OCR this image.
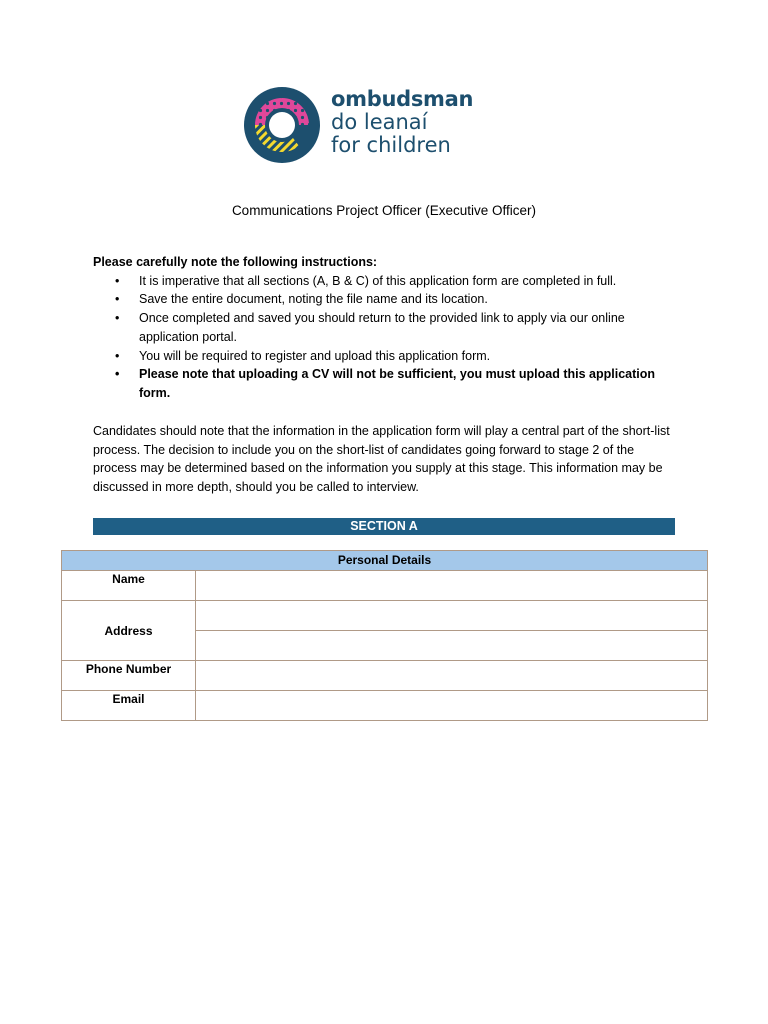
ombudsman
do leanaí
for children
Communications Project Officer (Executive Officer)
Please carefully note the following instructions:
• It is imperative that all sections (A, B & C) of this application form are completed in full.
• Save the entire document, noting the file name and its location.
• Once completed and saved you should return to the provided link to apply via our online application portal.
• You will be required to register and upload this application form.
• Please note that uploading a CV will not be sufficient, you must upload this application form.
Candidates should note that the information in the application form will play a central part of the short-list process. The decision to include you on the short-list of candidates going forward to stage 2 of the process may be determined based on the information you supply at this stage. This information may be discussed in more depth, should you be called to interview.
SECTION A
Personal Details	
Name	
Address	

Phone Number	
Email	
